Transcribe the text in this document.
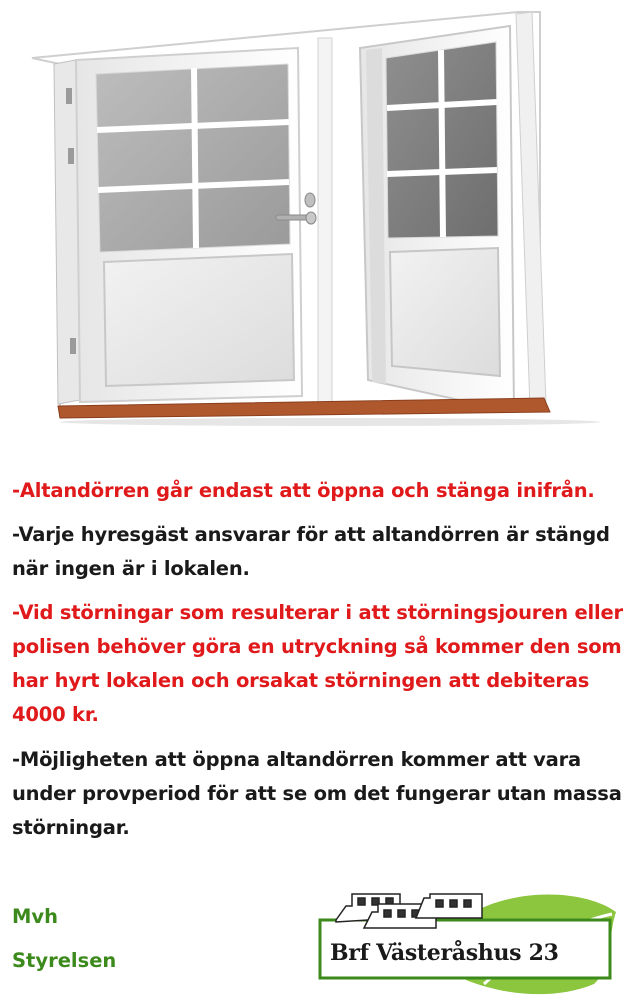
-Altandörren går endast att öppna och stänga inifrån.

-Varje hyresgäst ansvarar för att altandörren är stängd när ingen är i lokalen.

-Vid störningar som resulterar i att störningsjouren eller polisen behöver göra en utryckning så kommer den som har hyrt lokalen och orsakat störningen att debiteras 4000 kr.

-Möjligheten att öppna altandörren kommer att vara under provperiod för att se om det fungerar utan massa störningar.

Mvh

Styrelsen	Brf Västeråshus 23
